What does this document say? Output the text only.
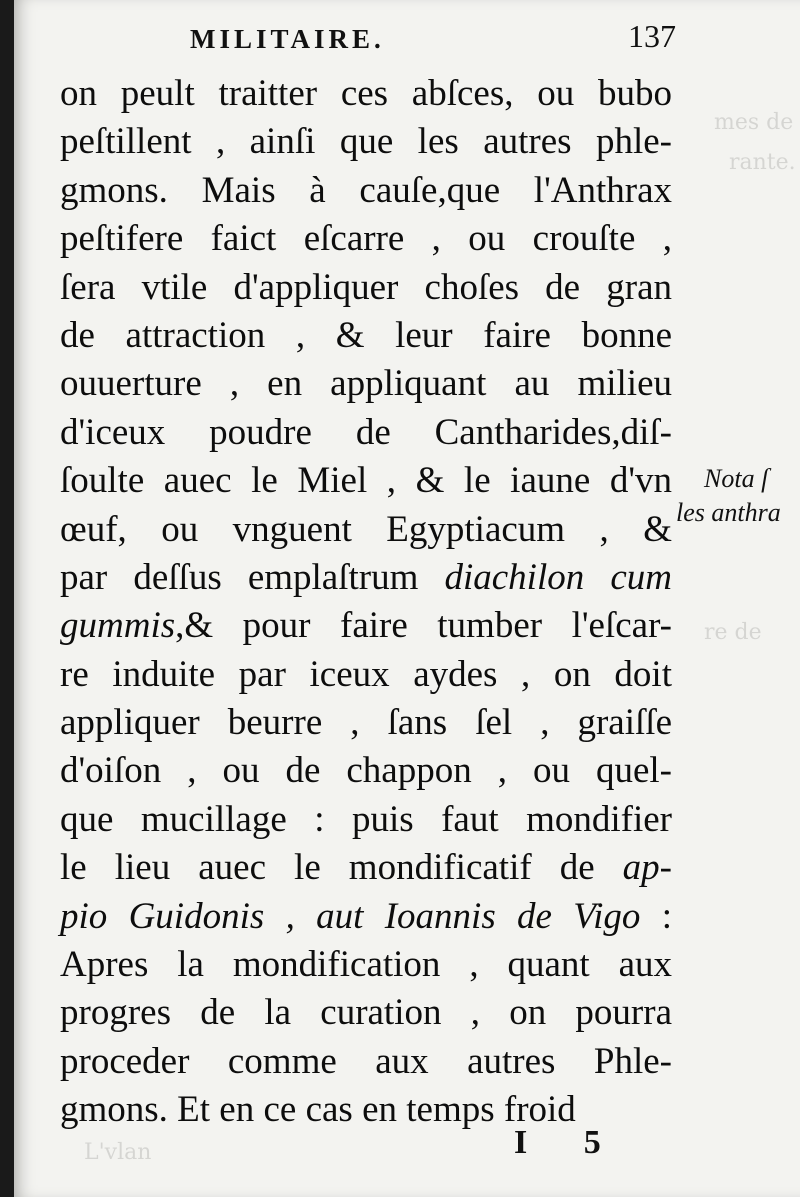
mes de
rante.
re de
L'vlan
MILITAIRE.	137
on peult traitter ces abſces, ou bubo
peſtillent , ainſi que les autres phle-
gmons. Mais à cauſe,que l'Anthrax
peſtifere faict eſcarre , ou crouſte ,
ſera vtile d'appliquer choſes de gran
de attraction , & leur faire bonne
ouuerture , en appliquant au milieu
d'iceux poudre de Cantharides,diſ-
ſoulte auec le Miel , & le iaune d'vn
œuf, ou vnguent Egyptiacum , &
par deſſus emplaſtrum diachilon cum
gummis,& pour faire tumber l'eſcar-
re induite par iceux aydes , on doit
appliquer beurre , ſans ſel , graiſſe
d'oiſon , ou de chappon , ou quel-
que mucillage : puis faut mondifier
le lieu auec le mondificatif de ap-
pio Guidonis , aut Ioannis de Vigo :
Apres la mondification , quant aux
progres de la curation , on pourra
proceder comme aux autres Phle-
gmons. Et en ce cas en temps froid
Nota ſ
les anthra
I 5
